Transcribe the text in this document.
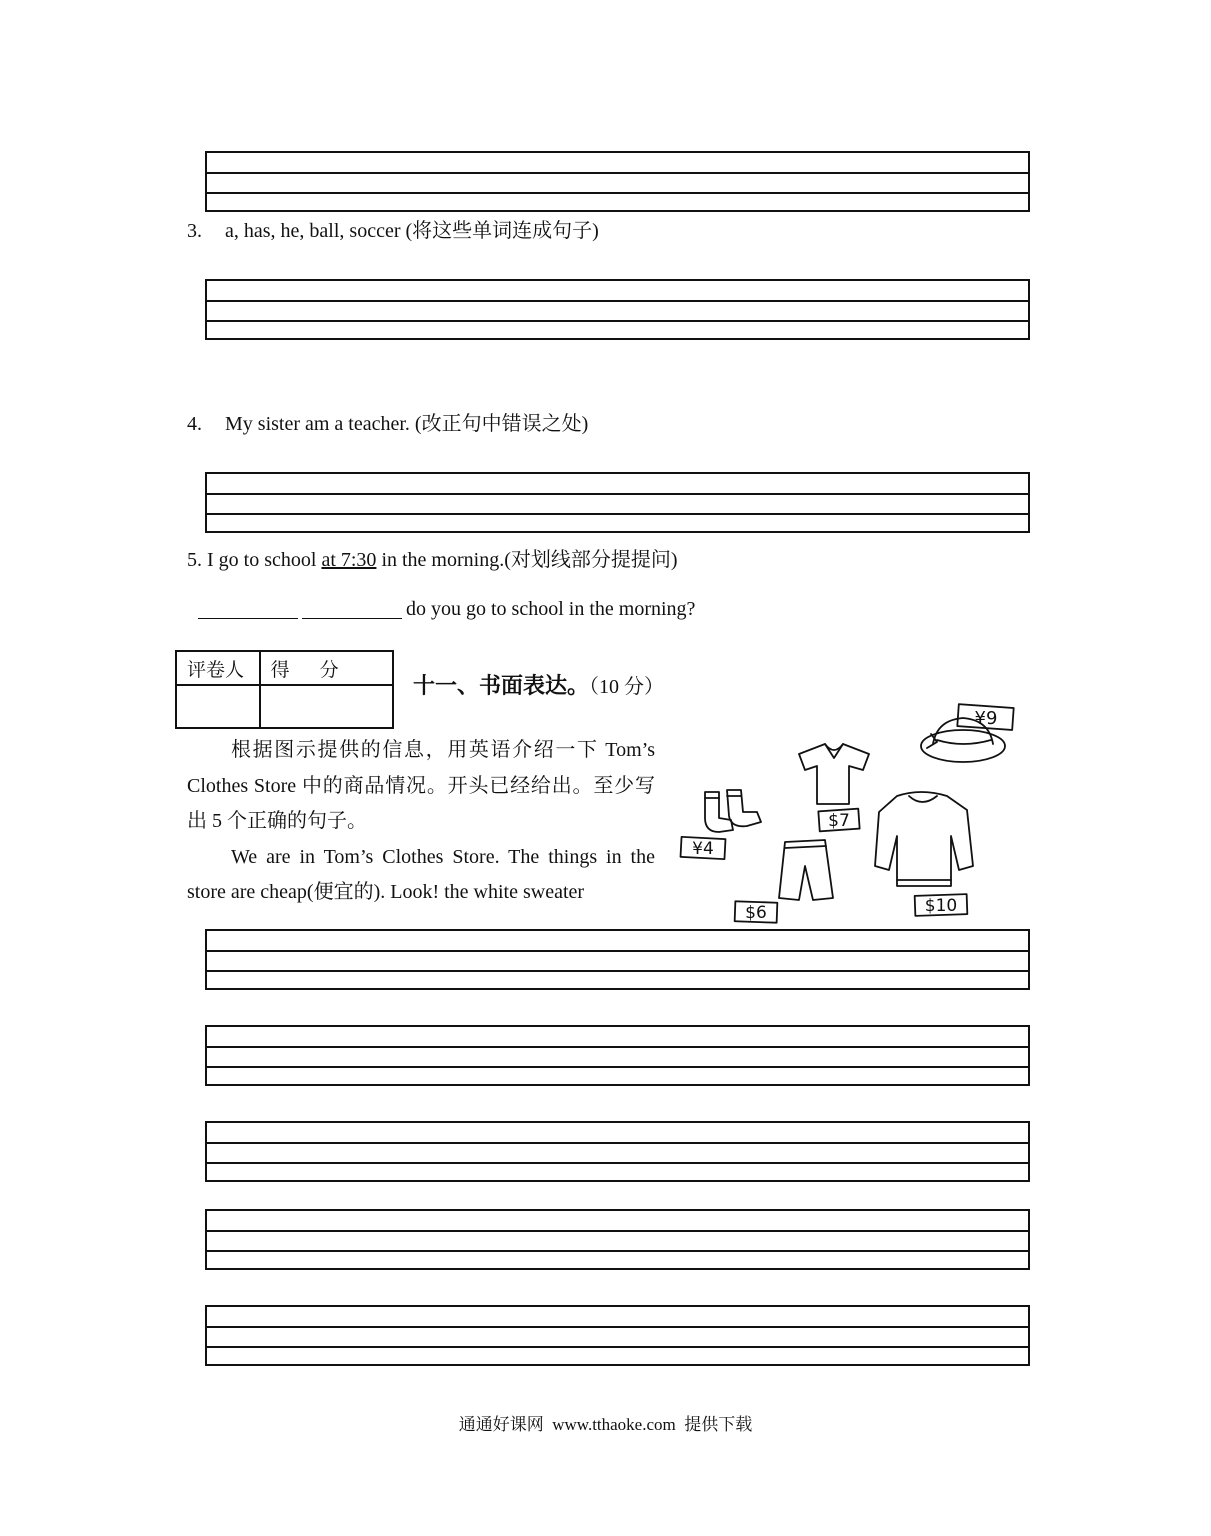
3. a, has, he, ball, soccer (将这些单词连成句子)
4. My sister am a teacher. (改正句中错误之处)
5. I go to school at 7:30 in the morning.(对划线部分提提问)
do you go to school in the morning?
评卷人	得分

十一、书面表达。（10 分）

根据图示提供的信息，用英语介绍一下 Tom’s Clothes Store 中的商品情况。开头已经给出。至少写出 5 个正确的句子。

We are in Tom’s Clothes Store. The things in the store are cheap(便宜的). Look! the white sweater

¥9
$7
¥4
$6	$10
通通好课网  www.tthaoke.com  提供下载
